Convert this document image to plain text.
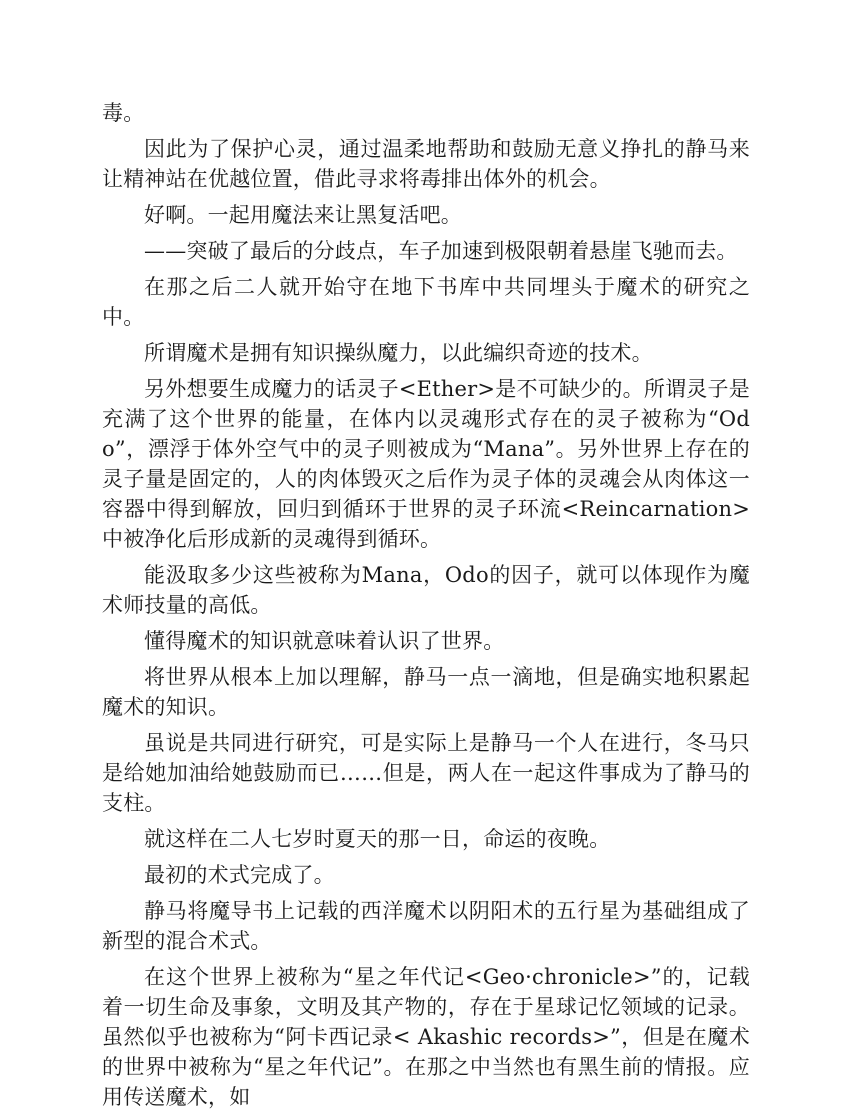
毒。

因此为了保护心灵，通过温柔地帮助和鼓励无意义挣扎的静马来让精神站在优越位置，借此寻求将毒排出体外的机会。

好啊。一起用魔法来让黑复活吧。

——突破了最后的分歧点，车子加速到极限朝着悬崖飞驰而去。

在那之后二人就开始守在地下书库中共同埋头于魔术的研究之中。

所谓魔术是拥有知识操纵魔力，以此编织奇迹的技术。

另外想要生成魔力的话灵子<Ether>是不可缺少的。所谓灵子是充满了这个世界的能量，在体内以灵魂形式存在的灵子被称为“Odo”，漂浮于体外空气中的灵子则被成为“Mana”。另外世界上存在的灵子量是固定的，人的肉体毁灭之后作为灵子体的灵魂会从肉体这一容器中得到解放，回归到循环于世界的灵子环流<Reincarnation>中被净化后形成新的灵魂得到循环。

能汲取多少这些被称为Mana，Odo的因子，就可以体现作为魔术师技量的高低。

懂得魔术的知识就意味着认识了世界。

将世界从根本上加以理解，静马一点一滴地，但是确实地积累起魔术的知识。

虽说是共同进行研究，可是实际上是静马一个人在进行，冬马只是给她加油给她鼓励而已……但是，两人在一起这件事成为了静马的支柱。

就这样在二人七岁时夏天的那一日，命运的夜晚。

最初的术式完成了。

静马将魔导书上记载的西洋魔术以阴阳术的五行星为基础组成了新型的混合术式。

在这个世界上被称为“星之年代记<Geo·chronicle>”的，记载着一切生命及事象，文明及其产物的，存在于星球记忆领域的记录。虽然似乎也被称为“阿卡西记录< Akashic records>”，但是在魔术的世界中被称为“星之年代记”。在那之中当然也有黑生前的情报。应用传送魔术，如
